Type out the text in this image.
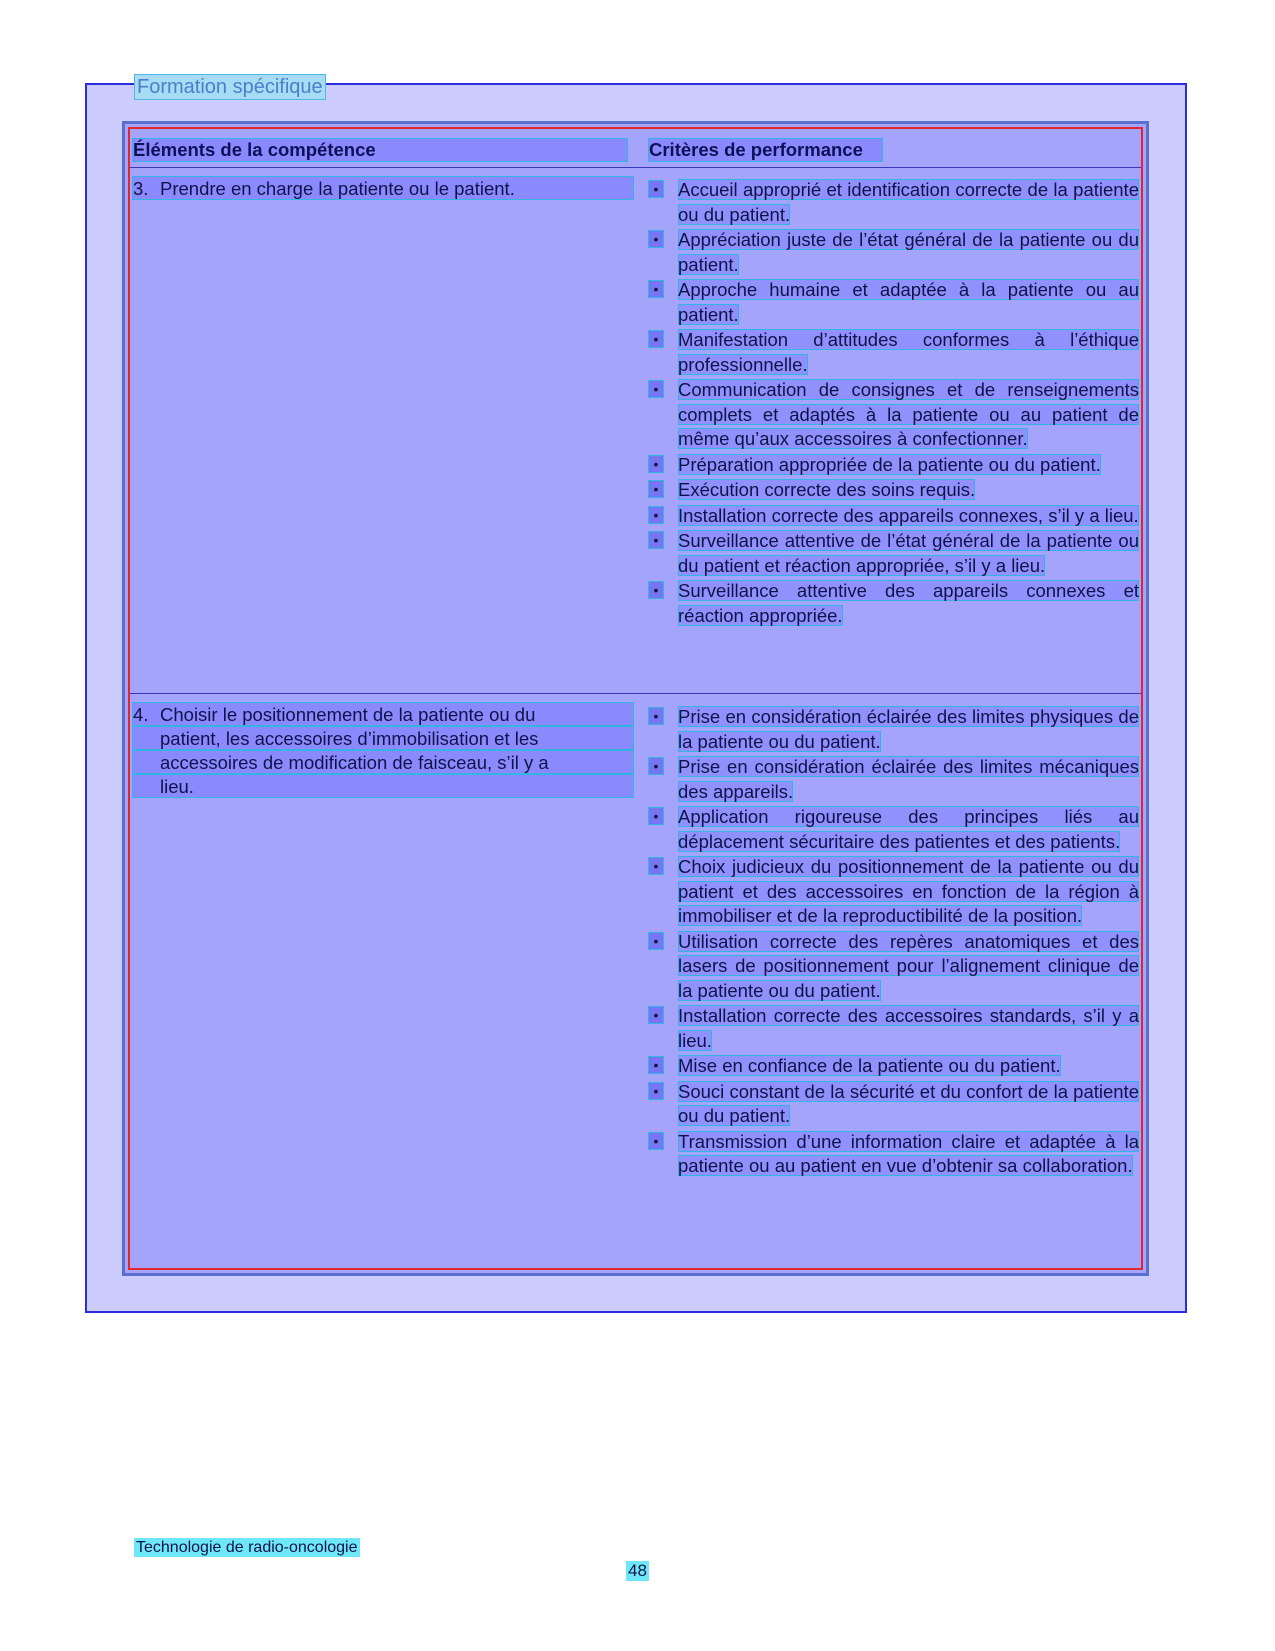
Formation spécifique
Éléments de la compétence	Critères de performance
3. Prendre en charge la patiente ou le patient.	• Accueil approprié et identification correcte de la patiente ou du patient.
• Appréciation juste de l’état général de la patiente ou du patient.
• Approche humaine et adaptée à la patiente ou au patient.
• Manifestation d’attitudes conformes à l’éthique professionnelle.
• Communication de consignes et de renseignements complets et adaptés à la patiente ou au patient de même qu’aux accessoires à confectionner.
• Préparation appropriée de la patiente ou du patient.
• Exécution correcte des soins requis.
• Installation correcte des appareils connexes, s’il y a lieu.
• Surveillance attentive de l’état général de la patiente ou du patient et réaction appropriée, s’il y a lieu.
• Surveillance attentive des appareils connexes et réaction appropriée.
4. Choisir le positionnement de la patiente ou du
patient, les accessoires d’immobilisation et les
accessoires de modification de faisceau, s’il y a
lieu.
• Prise en considération éclairée des limites physiques de la patiente ou du patient.
• Prise en considération éclairée des limites mécaniques des appareils.
• Application rigoureuse des principes liés au déplacement sécuritaire des patientes et des patients.
• Choix judicieux du positionnement de la patiente ou du patient et des accessoires en fonction de la région à immobiliser et de la reproductibilité de la position.
• Utilisation correcte des repères anatomiques et des lasers de positionnement pour l’alignement clinique de la patiente ou du patient.
• Installation correcte des accessoires standards, s’il y a lieu.
• Mise en confiance de la patiente ou du patient.
• Souci constant de la sécurité et du confort de la patiente ou du patient.
• Transmission d’une information claire et adaptée à la patiente ou au patient en vue d’obtenir sa collaboration.
Technologie de radio-oncologie
48
